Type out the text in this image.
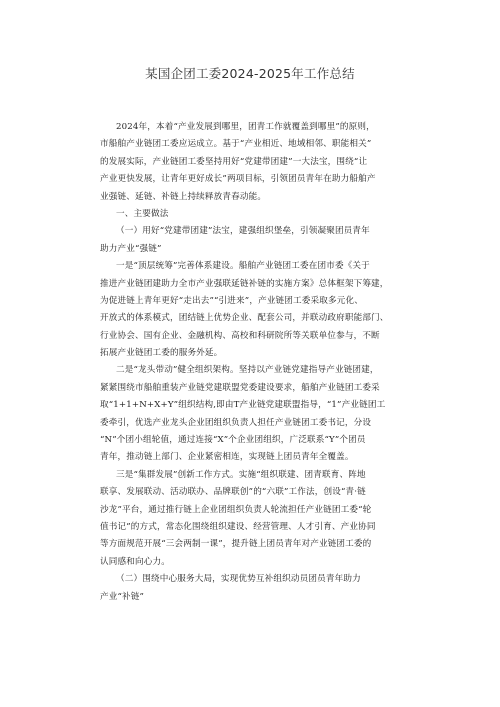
某国企团工委2024-2025年工作总结
2024年，本着“产业发展到哪里，团青工作就覆盖到哪里”的原则，
市船舶产业链团工委应运成立。基于“产业相近、地域相邻、职能相关”
的发展实际，产业链团工委坚持用好“党建带团建”一大法宝，围绕“让
产业更快发展，让青年更好成长”两项目标，引领团员青年在助力船舶产
业强链、延链、补链上持续释放青春动能。
一、主要做法
（一）用好“党建带团建”法宝，建强组织堡垒，引领凝聚团员青年
助力产业“强链”
一是“顶层统筹”完善体系建设。船舶产业链团工委在团市委《关于
推进产业链团建助力全市产业强联延链补链的实施方案》总体框架下筹建，
为促进链上青年更好“走出去”“引进来”，产业链团工委采取多元化、
开放式的体系模式，团结链上优势企业、配套公司，并联动政府职能部门、
行业协会、国有企业、金融机构、高校和科研院所等关联单位参与，不断
拓展产业链团工委的服务外延。
二是“龙头带动”健全组织架构。坚持以产业链党建指导产业链团建，
紧紧围绕市船舶重装产业链党建联盟党委建设要求，船舶产业链团工委采
取“1+1+N+X+Y”组织结构,即由T产业链党建联盟指导，“1”产业链团工
委牵引，优选产业龙头企业团组织负责人担任产业链团工委书记，分设
“N”个团小组轮值，通过连接“X”个企业团组织，广泛联系“Y”个团员
青年，推动链上部门、企业紧密相连，实现链上团员青年全覆盖。
三是“集群发展”创新工作方式。实施“组织联建、团青联育、阵地
联享、发展联动、活动联办、品牌联创”的“六联”工作法，创设“青·链
沙龙”平台，通过推行链上企业团组织负责人轮流担任产业链团工委“轮
值书记”的方式，常态化围绕组织建设、经营管理、人才引育、产业协同
等方面规范开展“三会两制一课”，提升链上团员青年对产业链团工委的
认同感和向心力。
（二）围绕中心服务大局，实现优势互补组织动员团员青年助力
产业“补链”
